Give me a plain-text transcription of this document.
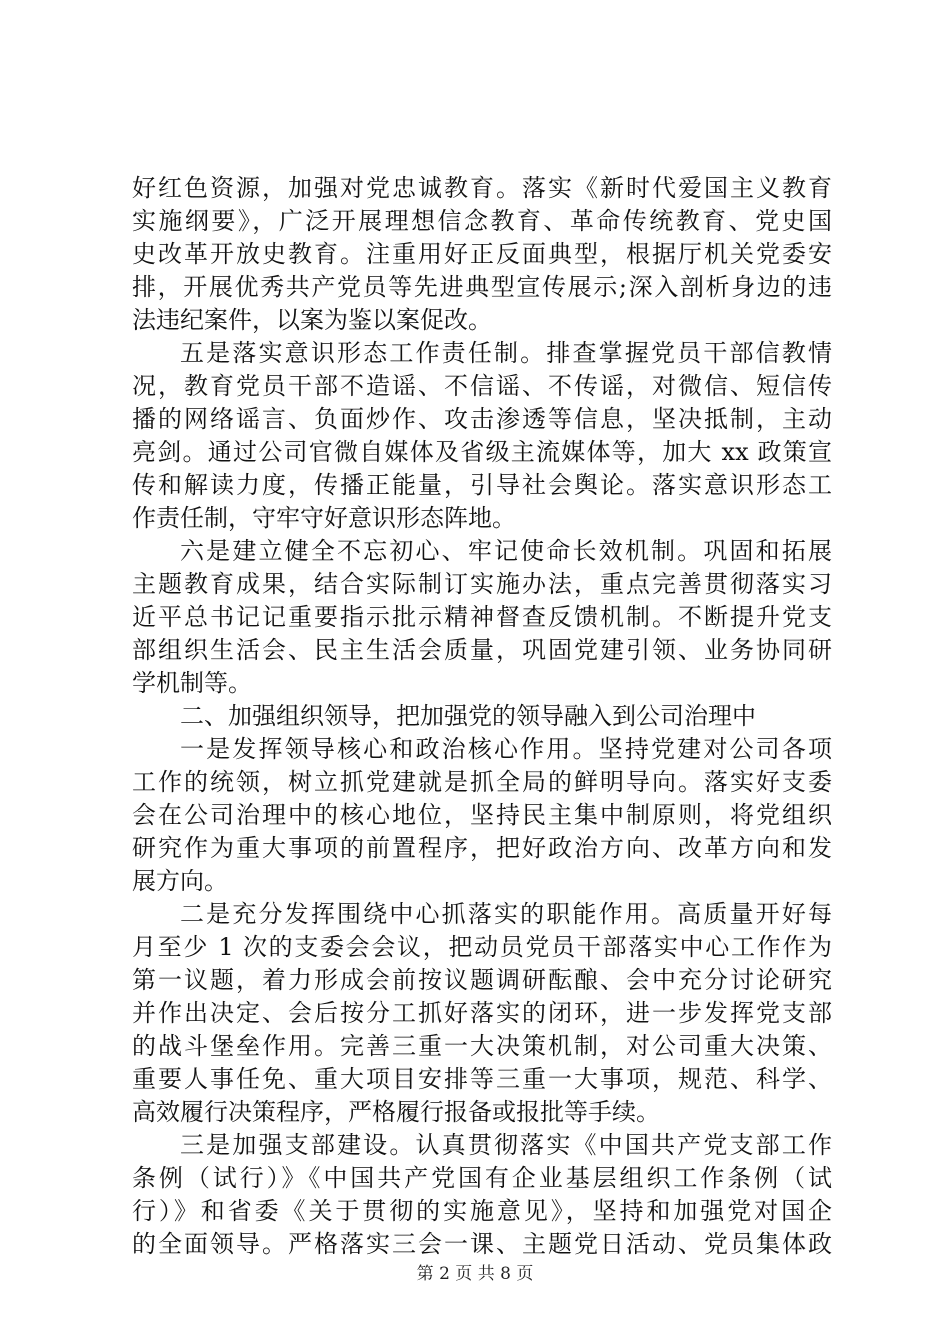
好红色资源，加强对党忠诚教育。落实《新时代爱国主义教育
实施纲要》，广泛开展理想信念教育、革命传统教育、党史国
史改革开放史教育。注重用好正反面典型，根据厅机关党委安
排，开展优秀共产党员等先进典型宣传展示;深入剖析身边的违
法违纪案件，以案为鉴以案促改。
五是落实意识形态工作责任制。排查掌握党员干部信教情
况，教育党员干部不造谣、不信谣、不传谣，对微信、短信传
播的网络谣言、负面炒作、攻击渗透等信息，坚决抵制，主动
亮剑。通过公司官微自媒体及省级主流媒体等，加大 xx 政策宣
传和解读力度，传播正能量，引导社会舆论。落实意识形态工
作责任制，守牢守好意识形态阵地。
六是建立健全不忘初心、牢记使命长效机制。巩固和拓展
主题教育成果，结合实际制订实施办法，重点完善贯彻落实习
近平总书记记重要指示批示精神督查反馈机制。不断提升党支
部组织生活会、民主生活会质量，巩固党建引领、业务协同研
学机制等。
二、加强组织领导，把加强党的领导融入到公司治理中
一是发挥领导核心和政治核心作用。坚持党建对公司各项
工作的统领，树立抓党建就是抓全局的鲜明导向。落实好支委
会在公司治理中的核心地位，坚持民主集中制原则，将党组织
研究作为重大事项的前置程序，把好政治方向、改革方向和发
展方向。
二是充分发挥围绕中心抓落实的职能作用。高质量开好每
月至少 1 次的支委会会议，把动员党员干部落实中心工作作为
第一议题，着力形成会前按议题调研酝酿、会中充分讨论研究
并作出决定、会后按分工抓好落实的闭环，进一步发挥党支部
的战斗堡垒作用。完善三重一大决策机制，对公司重大决策、
重要人事任免、重大项目安排等三重一大事项，规范、科学、
高效履行决策程序，严格履行报备或报批等手续。
三是加强支部建设。认真贯彻落实《中国共产党支部工作
条例（试行）》《中国共产党国有企业基层组织工作条例（试
行）》和省委《关于贯彻的实施意见》，坚持和加强党对国企
的全面领导。严格落实三会一课、主题党日活动、党员集体政
第 2 页 共 8 页
